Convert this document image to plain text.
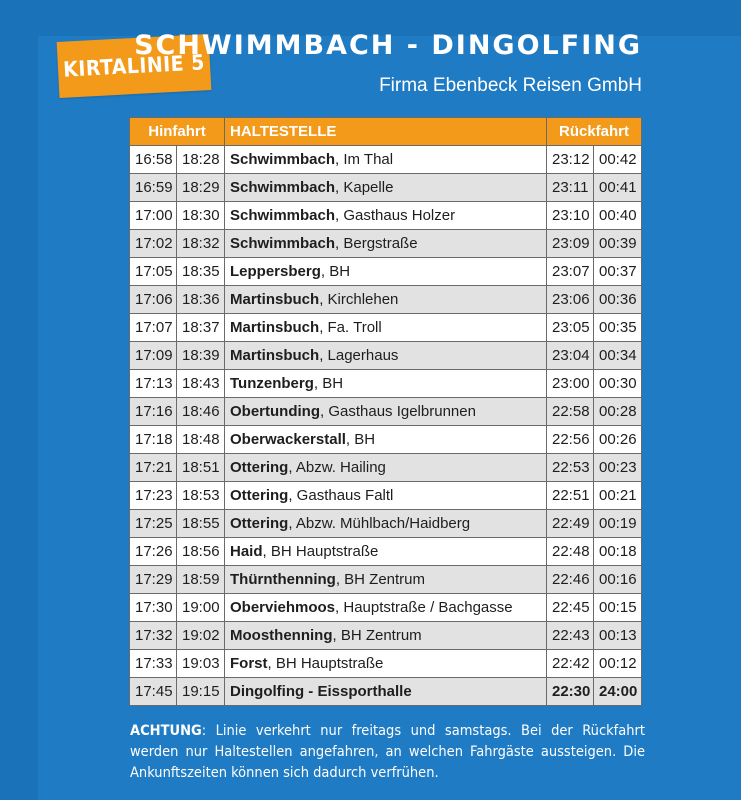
KIRTALINIE 5
SCHWIMMBACH - DINGOLFING
Firma Ebenbeck Reisen GmbH
Hinfahrt		HALTESTELLE	Rückfahrt	
16:58	18:28	Schwimmbach, Im Thal	23:12	00:42
16:59	18:29	Schwimmbach, Kapelle	23:11	00:41
17:00	18:30	Schwimmbach, Gasthaus Holzer	23:10	00:40
17:02	18:32	Schwimmbach, Bergstraße	23:09	00:39
17:05	18:35	Leppersberg, BH	23:07	00:37
17:06	18:36	Martinsbuch, Kirchlehen	23:06	00:36
17:07	18:37	Martinsbuch, Fa. Troll	23:05	00:35
17:09	18:39	Martinsbuch, Lagerhaus	23:04	00:34
17:13	18:43	Tunzenberg, BH	23:00	00:30
17:16	18:46	Obertunding, Gasthaus Igelbrunnen	22:58	00:28
17:18	18:48	Oberwackerstall, BH	22:56	00:26
17:21	18:51	Ottering, Abzw. Hailing	22:53	00:23
17:23	18:53	Ottering, Gasthaus Faltl	22:51	00:21
17:25	18:55	Ottering, Abzw. Mühlbach/Haidberg	22:49	00:19
17:26	18:56	Haid, BH Hauptstraße	22:48	00:18
17:29	18:59	Thürnthenning, BH Zentrum	22:46	00:16
17:30	19:00	Oberviehmoos, Hauptstraße / Bachgasse	22:45	00:15
17:32	19:02	Moosthenning, BH Zentrum	22:43	00:13
17:33	19:03	Forst, BH Hauptstraße	22:42	00:12
17:45	19:15	Dingolfing - Eissporthalle	22:30	24:00
ACHTUNG: Linie verkehrt nur freitags und samstags. Bei der Rückfahrt werden nur Haltestellen angefahren, an welchen Fahrgäste aussteigen. Die Ankunftszeiten können sich dadurch verfrühen.
